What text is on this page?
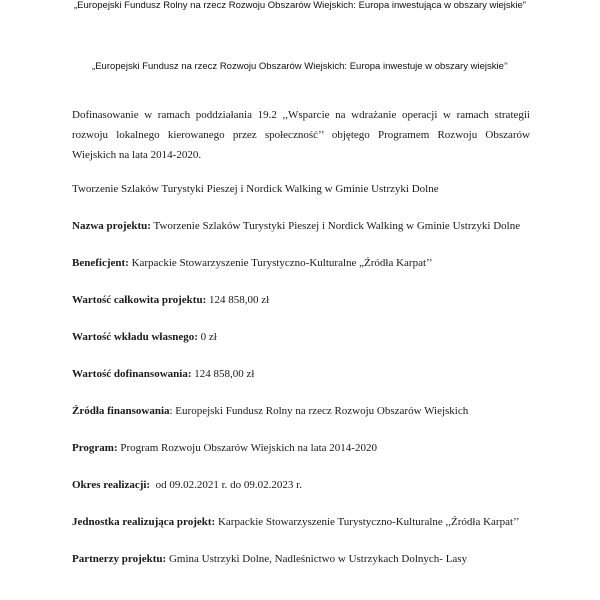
„Europejski Fundusz Rolny na rzecz Rozwoju Obszarów Wiejskich: Europa inwestująca w obszary wiejskie”
„Europejski Fundusz na rzecz Rozwoju Obszarów Wiejskich: Europa inwestuje w obszary wiejskie’’

Dofinasowanie w ramach poddziałania 19.2 ,,Wsparcie na wdrażanie operacji w ramach strategii rozwoju lokalnego kierowanego przez społeczność’’ objętego Programem Rozwoju Obszarów Wiejskich na lata 2014-2020.

Tworzenie Szlaków Turystyki Pieszej i Nordick Walking w Gminie Ustrzyki Dolne

Nazwa projektu: Tworzenie Szlaków Turystyki Pieszej i Nordick Walking w Gminie Ustrzyki Dolne

Beneficjent: Karpackie Stowarzyszenie Turystyczno-Kulturalne „Źródła Karpat’’

Wartość całkowita projektu: 124 858,00 zł

Wartość wkładu własnego: 0 zł

Wartość dofinansowania: 124 858,00 zł

Źródła finansowania: Europejski Fundusz Rolny na rzecz Rozwoju Obszarów Wiejskich

Program: Program Rozwoju Obszarów Wiejskich na lata 2014-2020

Okres realizacji:  od 09.02.2021 r. do 09.02.2023 r.

Jednostka realizująca projekt: Karpackie Stowarzyszenie Turystyczno-Kulturalne ,,Źródła Karpat’’

Partnerzy projektu: Gmina Ustrzyki Dolne, Nadleśnictwo w Ustrzykach Dolnych- Lasy
